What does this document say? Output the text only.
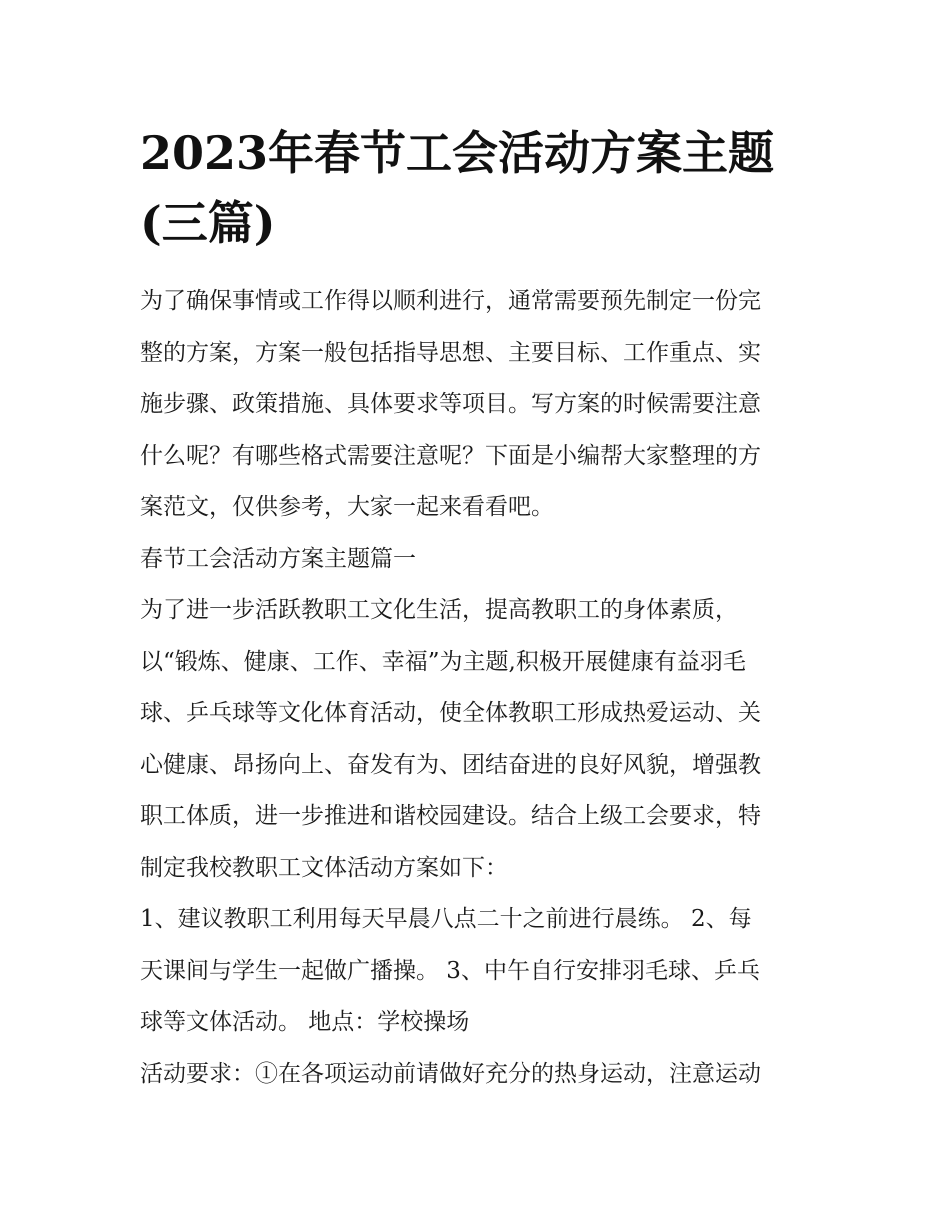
2023年春节工会活动方案主题
(三篇)
为了确保事情或工作得以顺利进行，通常需要预先制定一份完
整的方案，方案一般包括指导思想、主要目标、工作重点、实
施步骤、政策措施、具体要求等项目。写方案的时候需要注意
什么呢？有哪些格式需要注意呢？下面是小编帮大家整理的方
案范文，仅供参考，大家一起来看看吧。
春节工会活动方案主题篇一
为了进一步活跃教职工文化生活，提高教职工的身体素质，
以“锻炼、健康、工作、幸福”为主题,积极开展健康有益羽毛
球、乒乓球等文化体育活动，使全体教职工形成热爱运动、关
心健康、昂扬向上、奋发有为、团结奋进的良好风貌，增强教
职工体质，进一步推进和谐校园建设。结合上级工会要求，特
制定我校教职工文体活动方案如下：
1、建议教职工利用每天早晨八点二十之前进行晨练。 2、每
天课间与学生一起做广播操。 3、中午自行安排羽毛球、乒乓
球等文体活动。 地点：学校操场
活动要求：①在各项运动前请做好充分的热身运动，注意运动
